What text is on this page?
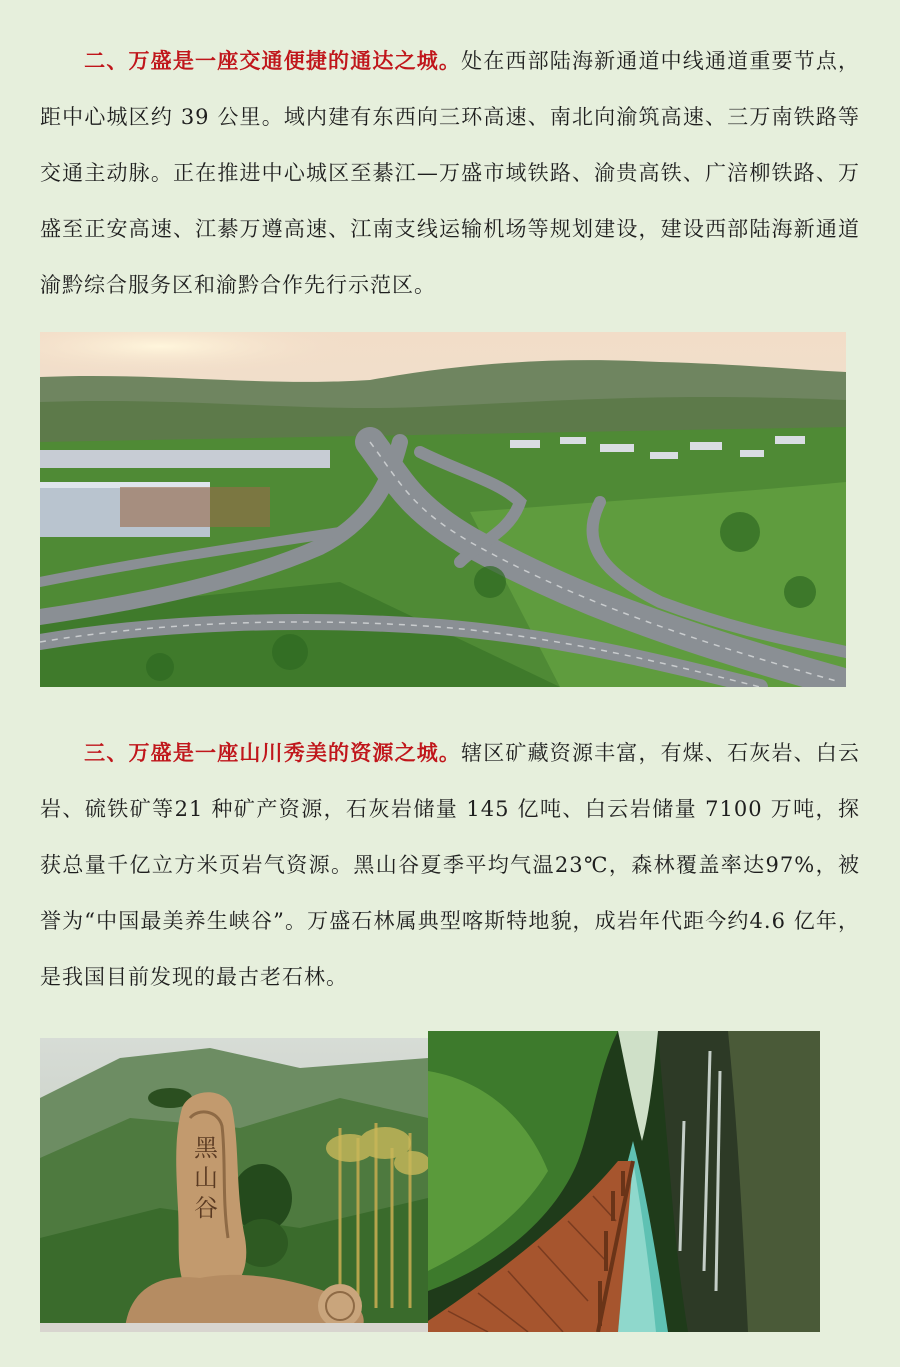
二、万盛是一座交通便捷的通达之城。处在西部陆海新通道中线通道重要节点，距中心城区约 39 公里。域内建有东西向三环高速、南北向渝筑高速、三万南铁路等交通主动脉。正在推进中心城区至綦江—万盛市域铁路、渝贵高铁、广涪柳铁路、万盛至正安高速、江綦万遵高速、江南支线运输机场等规划建设，建设西部陆海新通道渝黔综合服务区和渝黔合作先行示范区。
三、万盛是一座山川秀美的资源之城。辖区矿藏资源丰富，有煤、石灰岩、白云岩、硫铁矿等21 种矿产资源，石灰岩储量 145 亿吨、白云岩储量 7100 万吨，探获总量千亿立方米页岩气资源。黑山谷夏季平均气温23℃，森林覆盖率达97%，被誉为“中国最美养生峡谷”。万盛石林属典型喀斯特地貌，成岩年代距今约4.6 亿年，是我国目前发现的最古老石林。
黑
山
谷
